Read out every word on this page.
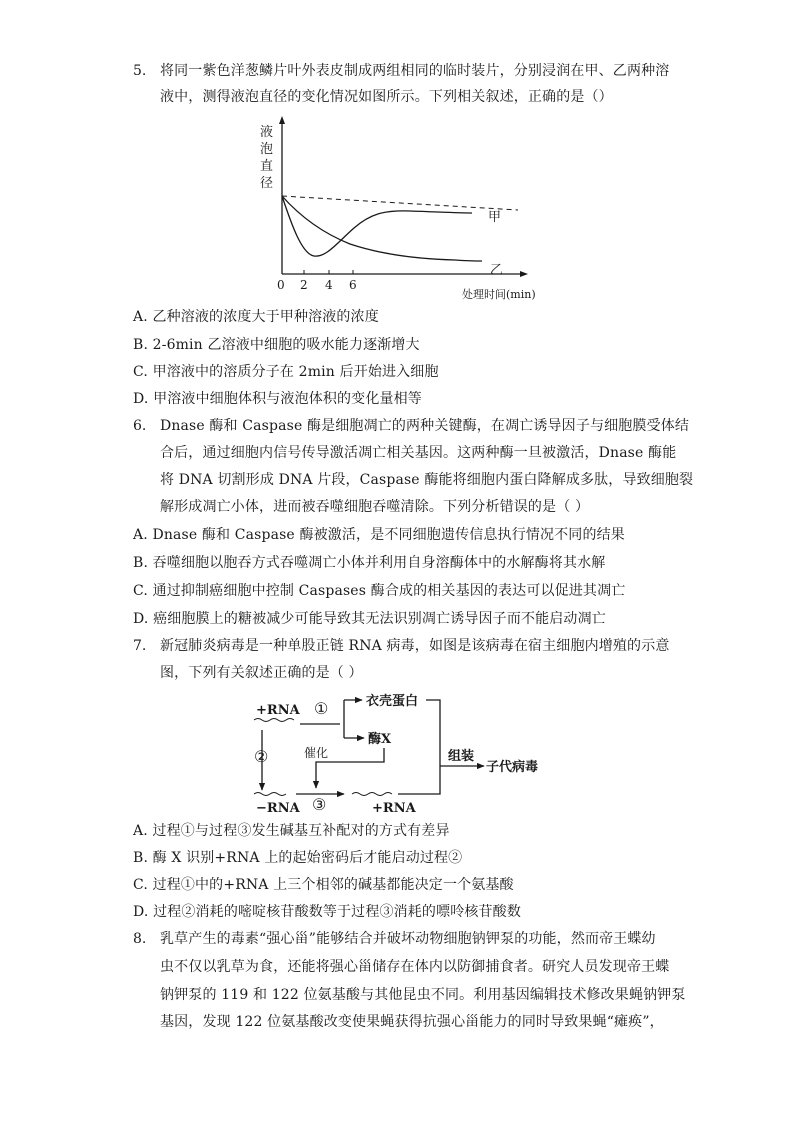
5. 将同一紫色洋葱鳞片叶外表皮制成两组相同的临时装片，分别浸润在甲、乙两种溶
液中，测得液泡直径的变化情况如图所示。下列相关叙述，正确的是（）
液
泡
直
径
0 2 4 6
处理时间(min)
甲
乙
A. 乙种溶液的浓度大于甲种溶液的浓度
B. 2-6min 乙溶液中细胞的吸水能力逐渐增大
C. 甲溶液中的溶质分子在 2min 后开始进入细胞
D. 甲溶液中细胞体积与液泡体积的变化量相等
6. Dnase 酶和 Caspase 酶是细胞凋亡的两种关键酶，在凋亡诱导因子与细胞膜受体结
合后，通过细胞内信号传导激活凋亡相关基因。这两种酶一旦被激活，Dnase 酶能
将 DNA 切割形成 DNA 片段，Caspase 酶能将细胞内蛋白降解成多肽，导致细胞裂
解形成凋亡小体，进而被吞噬细胞吞噬清除。下列分析错误的是（ ）
A. Dnase 酶和 Caspase 酶被激活，是不同细胞遗传信息执行情况不同的结果
B. 吞噬细胞以胞吞方式吞噬凋亡小体并利用自身溶酶体中的水解酶将其水解
C. 通过抑制癌细胞中控制 Caspases 酶合成的相关基因的表达可以促进其凋亡
D. 癌细胞膜上的糖被减少可能导致其无法识别凋亡诱导因子而不能启动凋亡
7. 新冠肺炎病毒是一种单股正链 RNA 病毒，如图是该病毒在宿主细胞内增殖的示意
图，下列有关叙述正确的是（ ）
+RNA ①	衣壳蛋白
酶X
②	催化
③
−RNA	+RNA
组装
子代病毒
A. 过程①与过程③发生碱基互补配对的方式有差异
B. 酶 X 识别+RNA 上的起始密码后才能启动过程②
C. 过程①中的+RNA 上三个相邻的碱基都能决定一个氨基酸
D. 过程②消耗的嘧啶核苷酸数等于过程③消耗的嘌呤核苷酸数
8. 乳草产生的毒素“强心甾”能够结合并破坏动物细胞钠钾泵的功能，然而帝王蝶幼
虫不仅以乳草为食，还能将强心甾储存在体内以防御捕食者。研究人员发现帝王蝶
钠钾泵的 119 和 122 位氨基酸与其他昆虫不同。利用基因编辑技术修改果蝇钠钾泵
基因，发现 122 位氨基酸改变使果蝇获得抗强心甾能力的同时导致果蝇“瘫痪”，
